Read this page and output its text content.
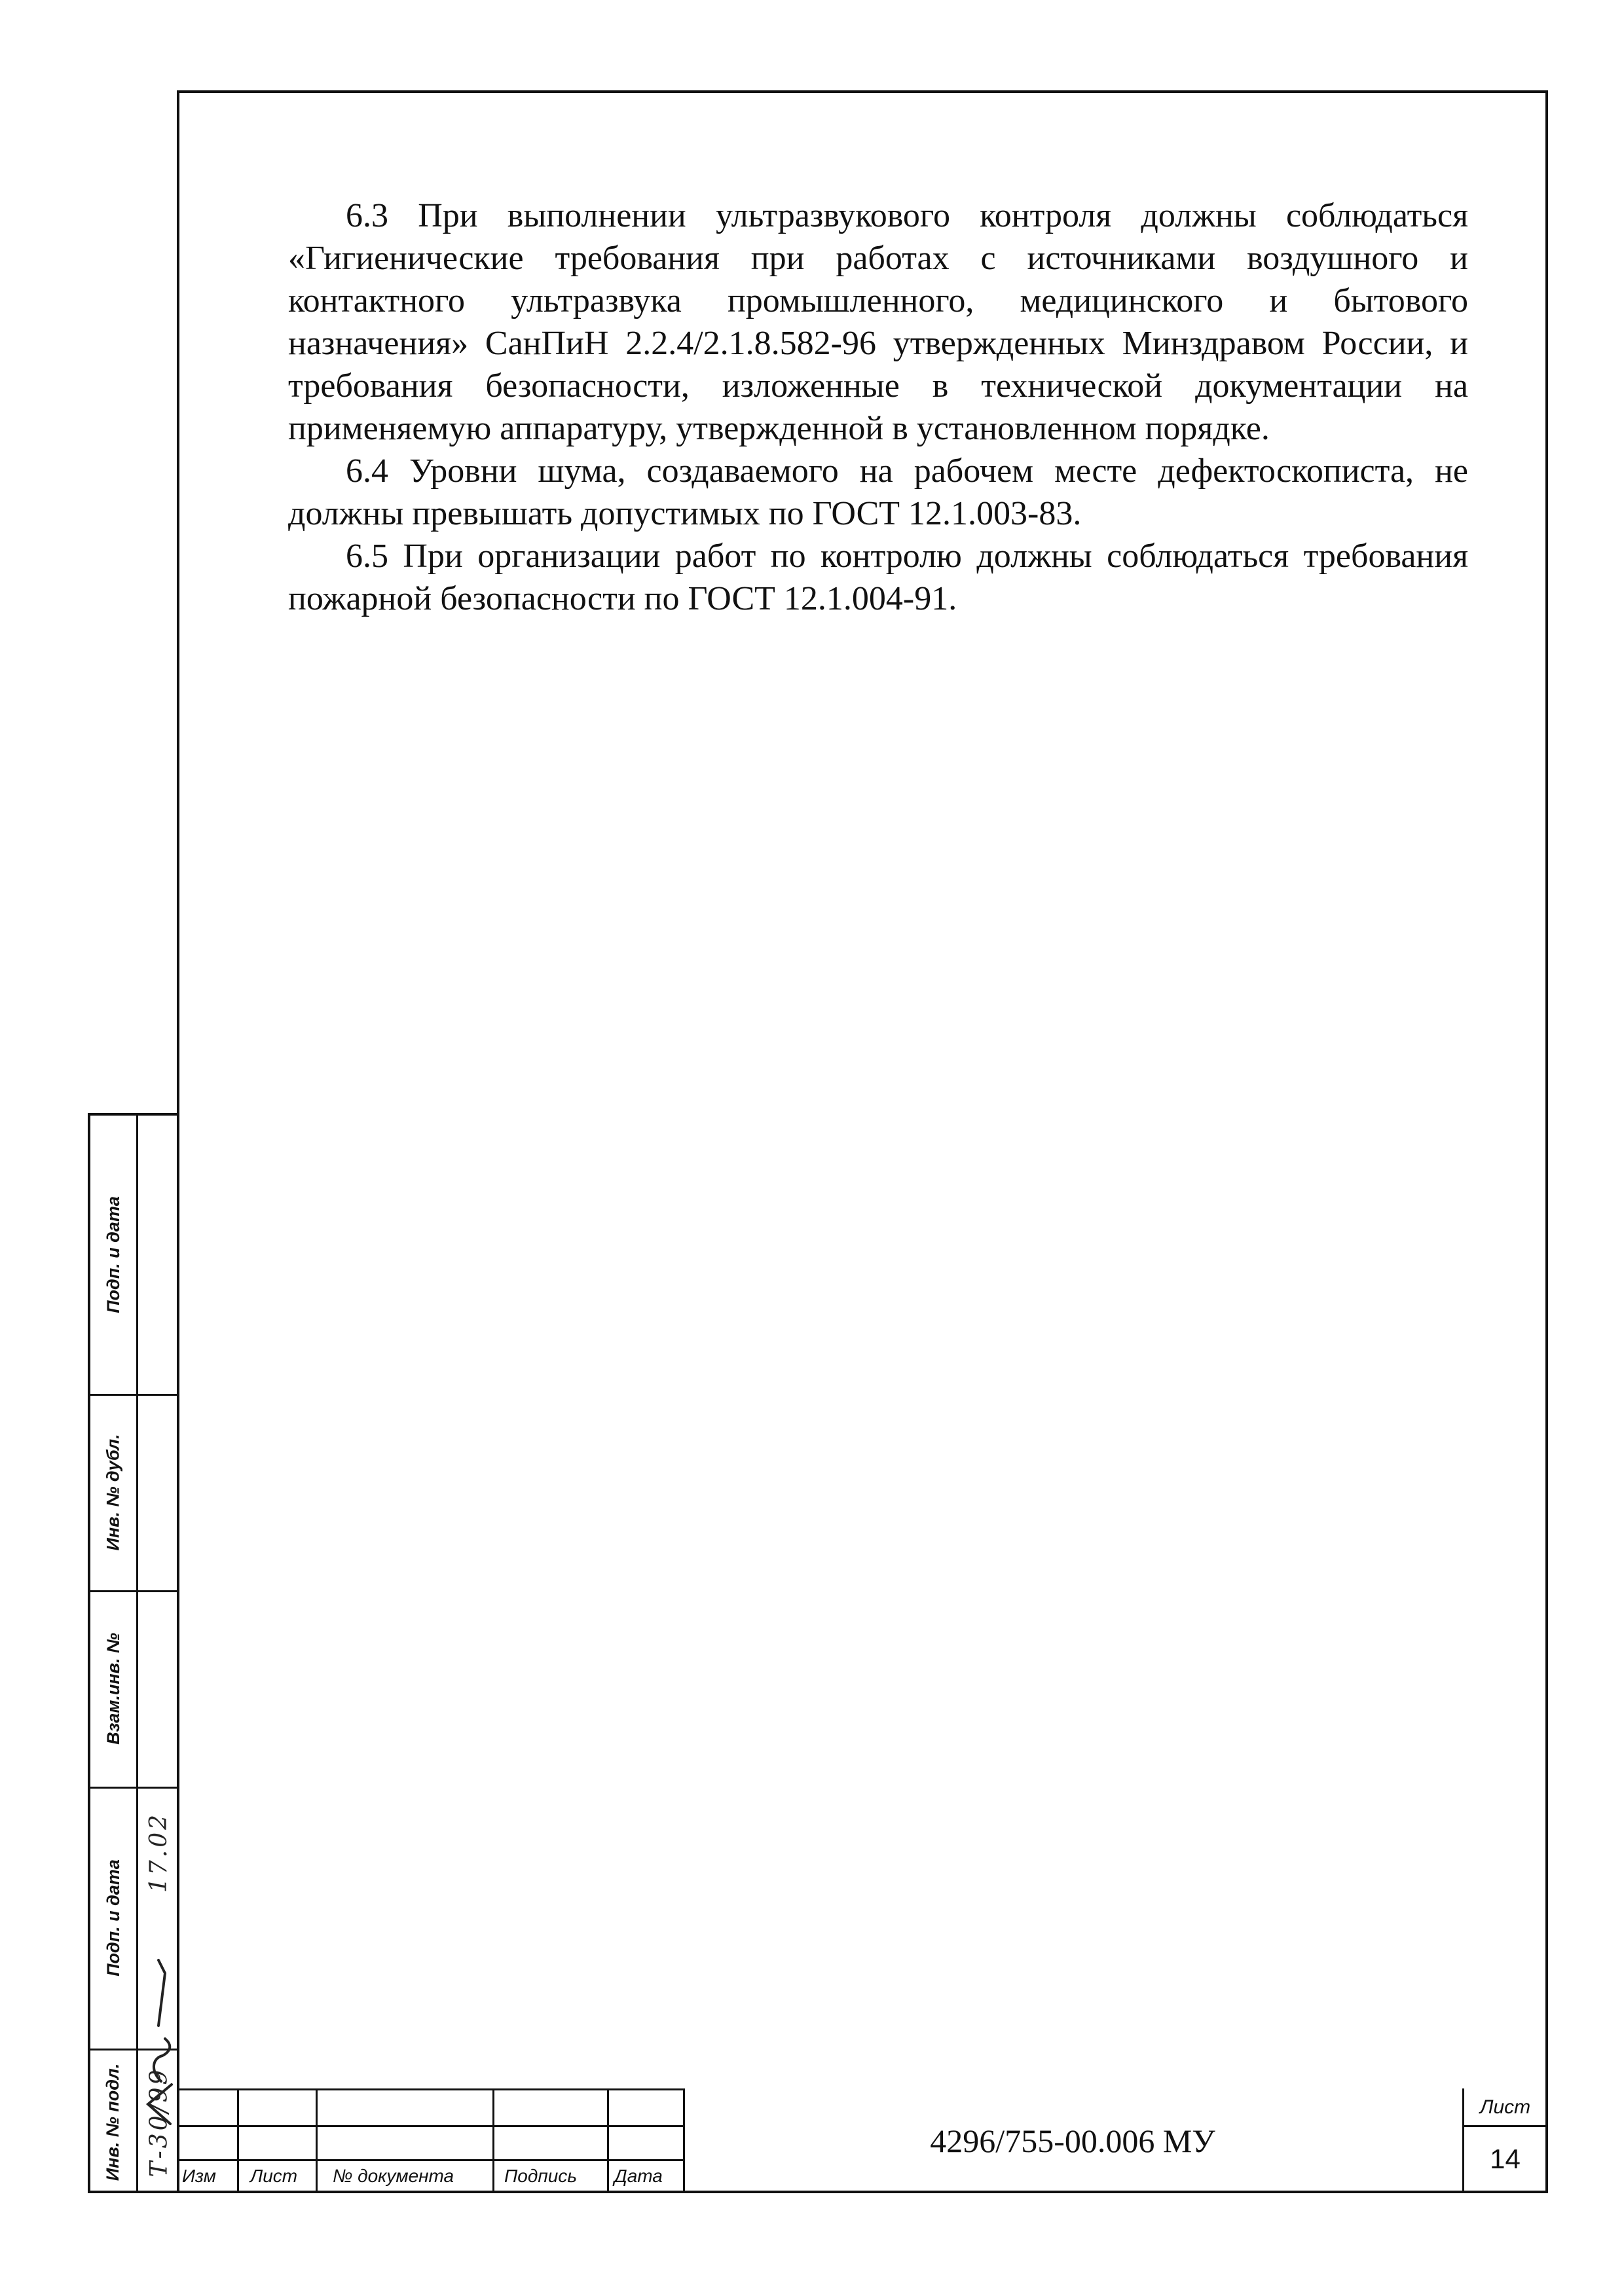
6.3 При выполнении ультразвукового контроля должны соблюдаться «Гигиенические требования при работах с источниками воздушного и контактного ультразвука промышленного, медицинского и бытового назначения» СанПиН 2.2.4/2.1.8.582-96 утвержденных Минздравом России, и требования безопасности, изложенные в технической документации на применяемую аппаратуру, утвержденной в установленном порядке.

6.4 Уровни шума, создаваемого на рабочем месте дефектоскописта, не должны превышать допустимых по ГОСТ 12.1.003-83.

6.5 При организации работ по контролю должны соблюдаться требования пожарной безопасности по ГОСТ 12.1.004-91.

Подп. и дата
Инв. № дубл.
Взам.инв. №
Подп. и дата
Инв. № подл.
17.02
Т-30/99 Изм Лист № документа	Подпись Дата
4296/755-00.006 МУ
Лист
14
